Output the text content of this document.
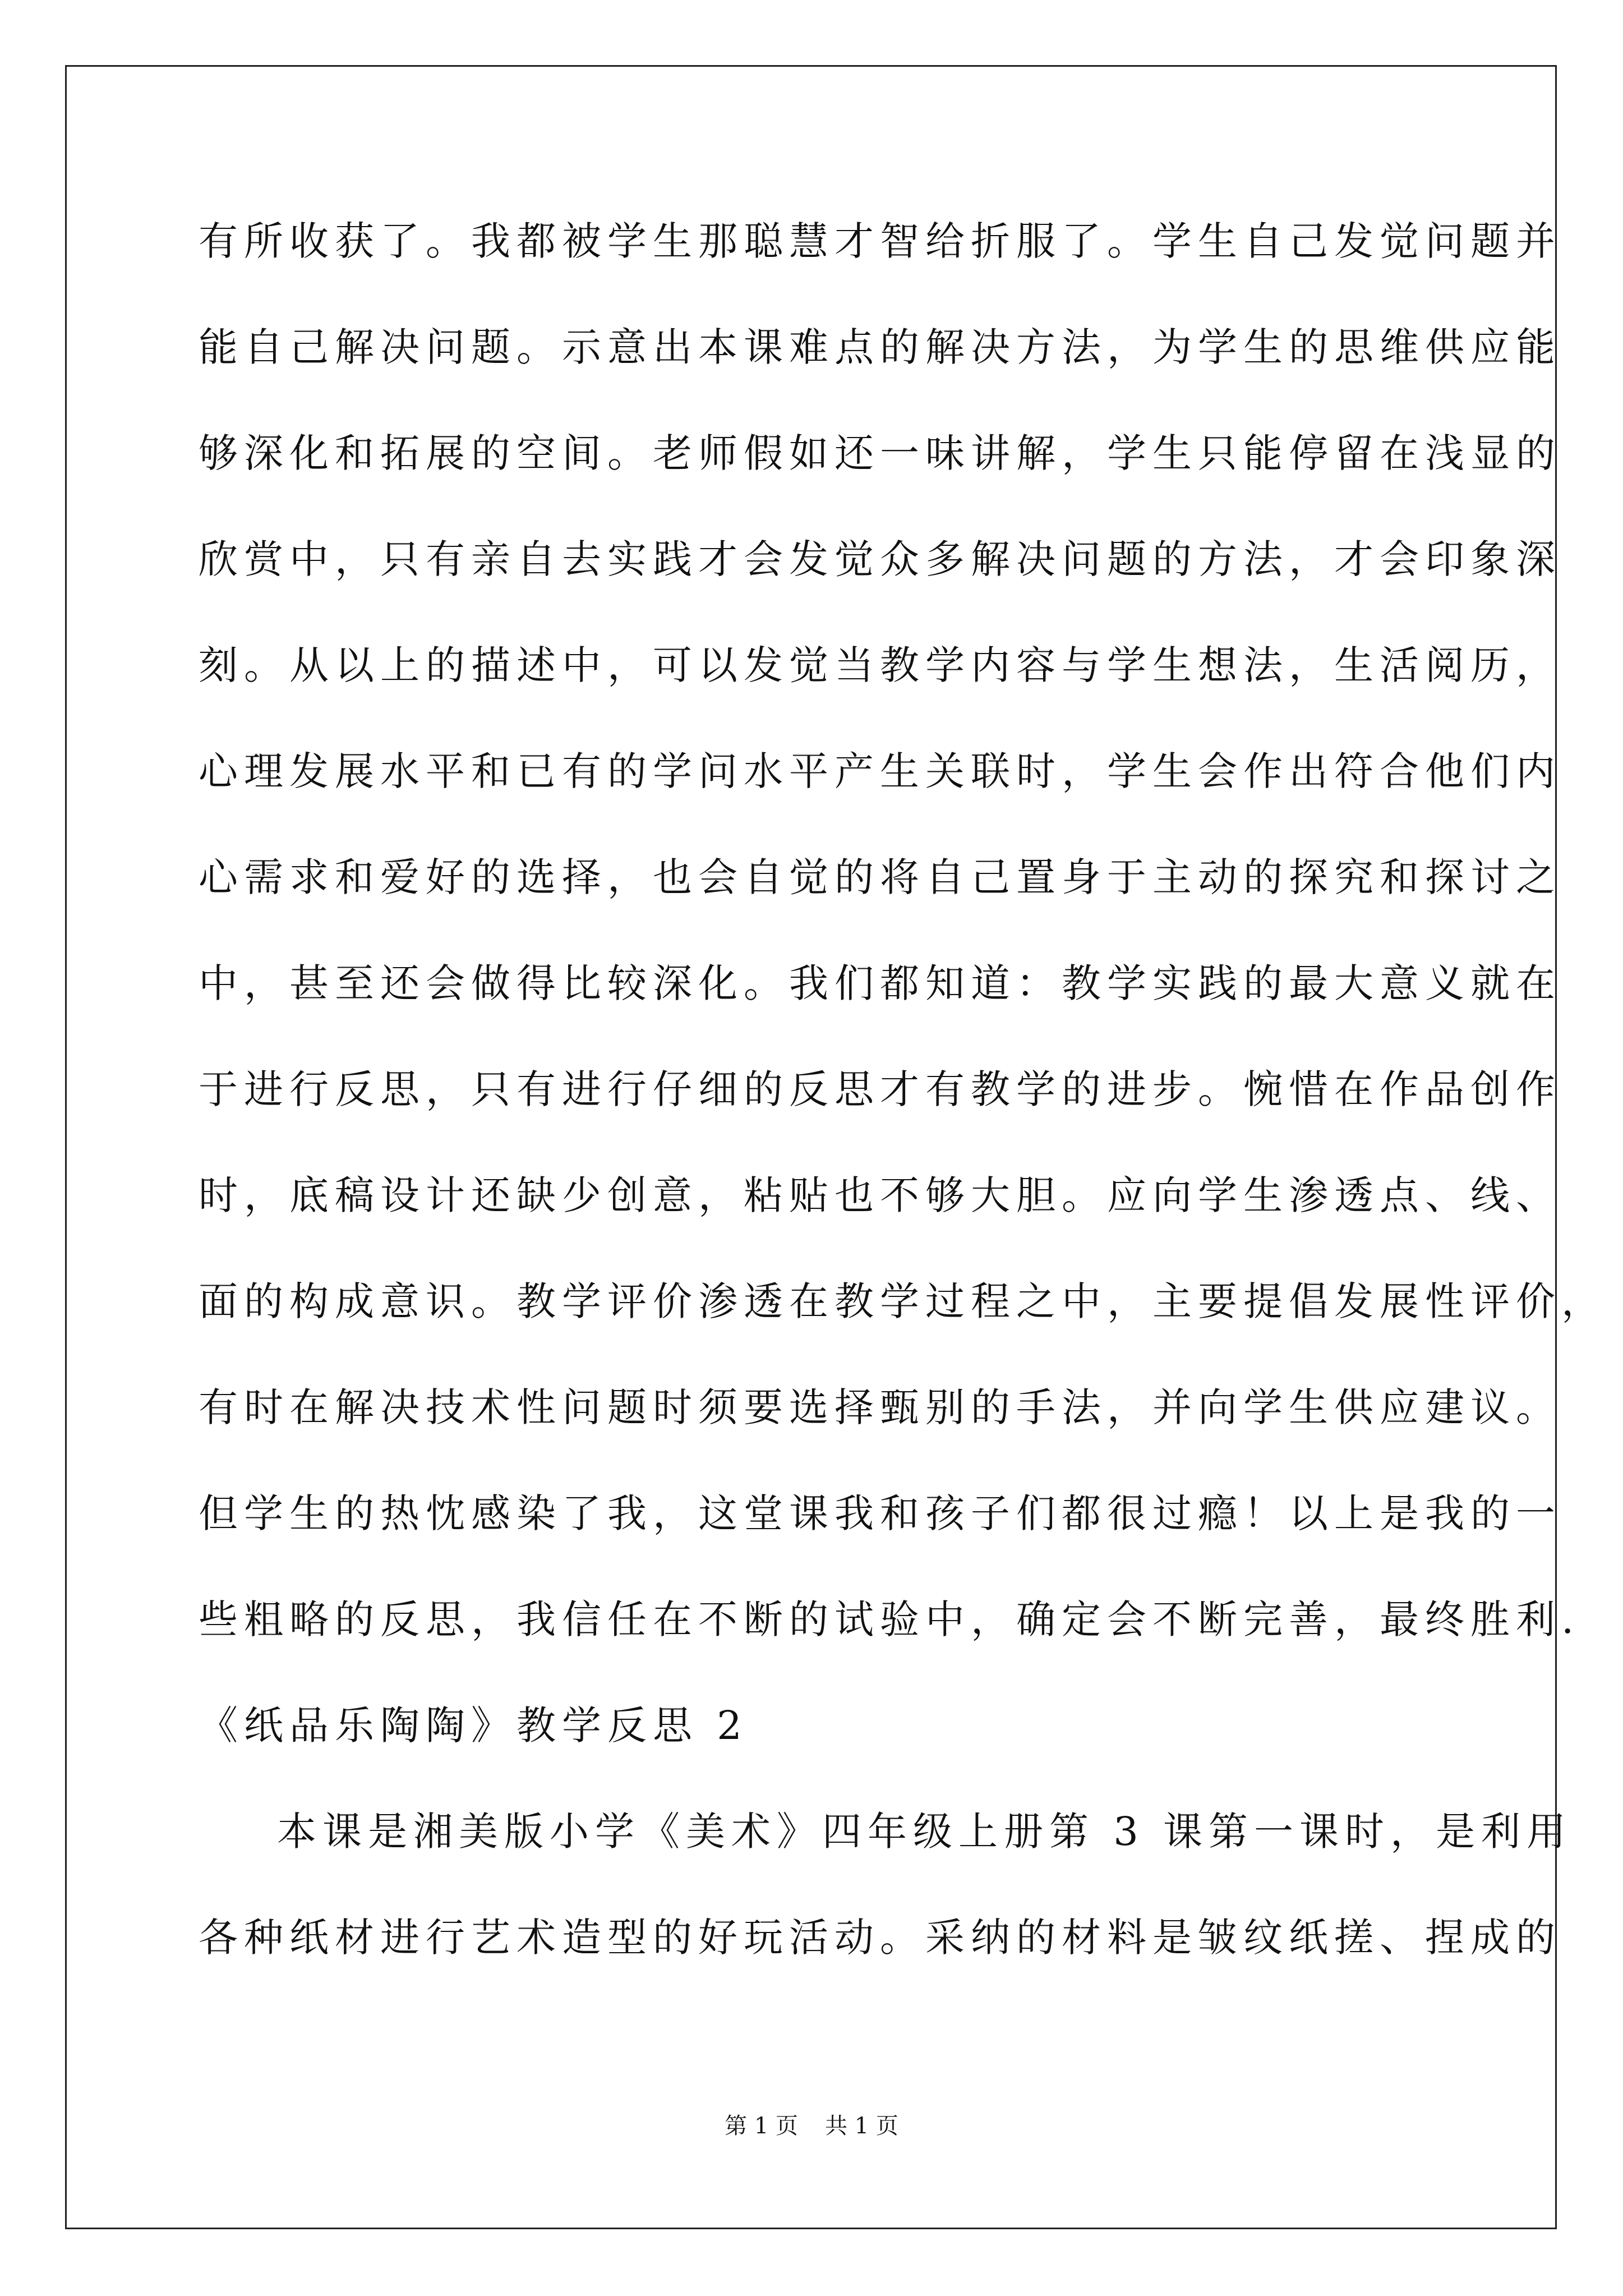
有所收获了。我都被学生那聪慧才智给折服了。学生自己发觉问题并
能自己解决问题。示意出本课难点的解决方法，为学生的思维供应能
够深化和拓展的空间。老师假如还一味讲解，学生只能停留在浅显的
欣赏中，只有亲自去实践才会发觉众多解决问题的方法，才会印象深
刻。从以上的描述中，可以发觉当教学内容与学生想法，生活阅历，
心理发展水平和已有的学问水平产生关联时，学生会作出符合他们内
心需求和爱好的选择，也会自觉的将自己置身于主动的探究和探讨之
中，甚至还会做得比较深化。我们都知道：教学实践的最大意义就在
于进行反思，只有进行仔细的反思才有教学的进步。惋惜在作品创作
时，底稿设计还缺少创意，粘贴也不够大胆。应向学生渗透点、线、
面的构成意识。教学评价渗透在教学过程之中，主要提倡发展性评价，
有时在解决技术性问题时须要选择甄别的手法，并向学生供应建议。
但学生的热忱感染了我，这堂课我和孩子们都很过瘾！以上是我的一
些粗略的反思，我信任在不断的试验中，确定会不断完善，最终胜利.
《纸品乐陶陶》教学反思 2
本课是湘美版小学《美术》四年级上册第 3 课第一课时，是利用
各种纸材进行艺术造型的好玩活动。采纳的材料是皱纹纸搓、捏成的
第 1 页 共 1 页
